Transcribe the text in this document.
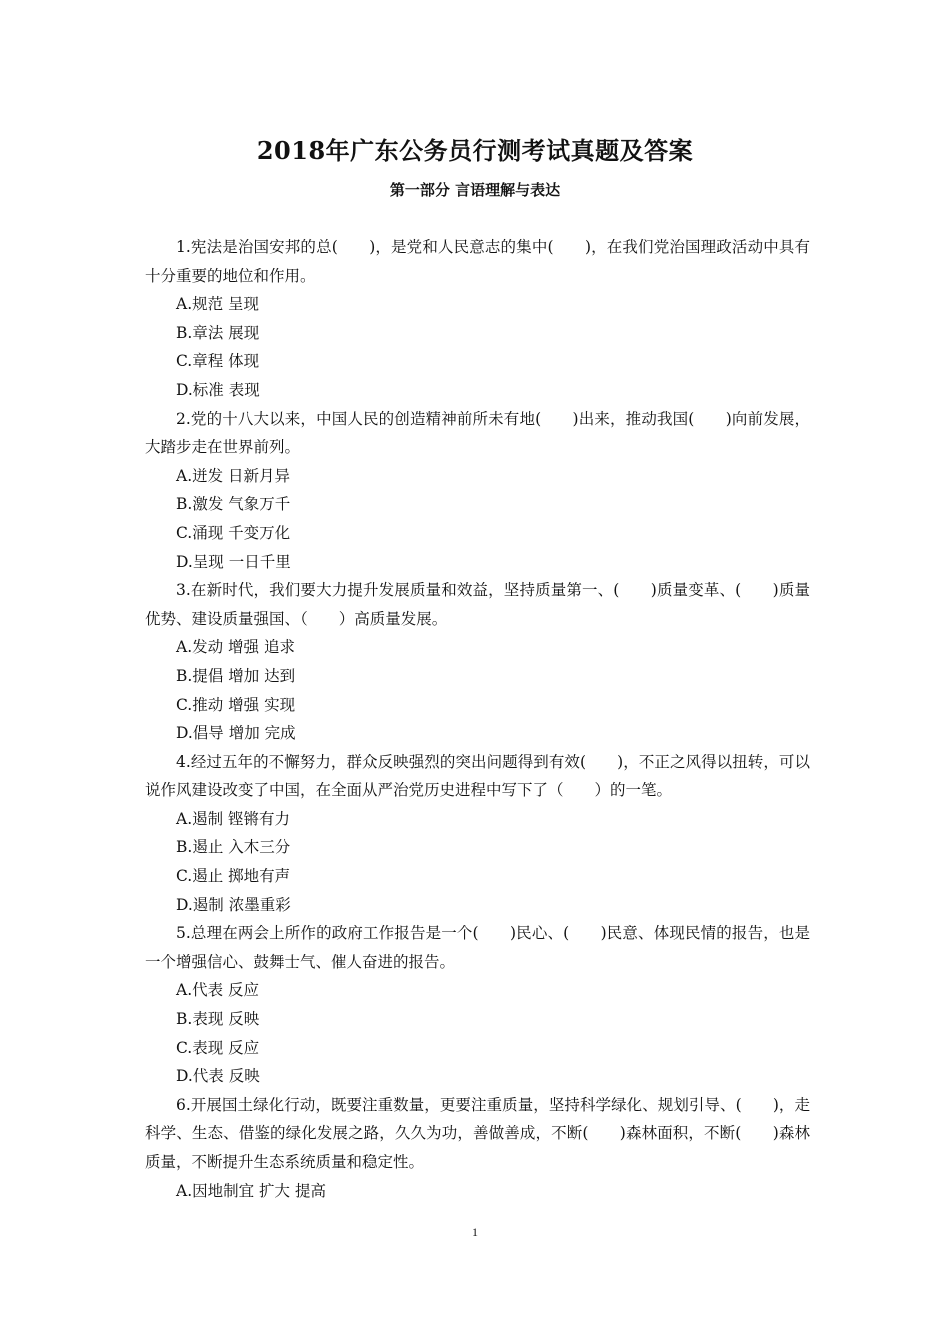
2018年广东公务员行测考试真题及答案
第一部分 言语理解与表达

1.宪法是治国安邦的总(　　)，是党和人民意志的集中(　　)，在我们党治国理政活动中具有十分重要的地位和作用。

A.规范 呈现

B.章法 展现

C.章程 体现

D.标准 表现

2.党的十八大以来，中国人民的创造精神前所未有地(　　)出来，推动我国(　　)向前发展，大踏步走在世界前列。

A.迸发 日新月异

B.激发 气象万千

C.涌现 千变万化

D.呈现 一日千里

3.在新时代，我们要大力提升发展质量和效益，坚持质量第一、(　　)质量变革、(　　)质量优势、建设质量强国、（　　）高质量发展。

A.发动 增强 追求

B.提倡 增加 达到

C.推动 增强 实现

D.倡导 增加 完成

4.经过五年的不懈努力，群众反映强烈的突出问题得到有效(　　)，不正之风得以扭转，可以说作风建设改变了中国，在全面从严治党历史进程中写下了（　　）的一笔。

A.遏制 铿锵有力

B.遏止 入木三分

C.遏止 掷地有声

D.遏制 浓墨重彩

5.总理在两会上所作的政府工作报告是一个(　　)民心、(　　)民意、体现民情的报告，也是一个增强信心、鼓舞士气、催人奋进的报告。

A.代表 反应

B.表现 反映

C.表现 反应

D.代表 反映

6.开展国土绿化行动，既要注重数量，更要注重质量，坚持科学绿化、规划引导、(　　)，走科学、生态、借鉴的绿化发展之路，久久为功，善做善成，不断(　　)森林面积，不断(　　)森林质量，不断提升生态系统质量和稳定性。

A.因地制宜 扩大 提高

1
